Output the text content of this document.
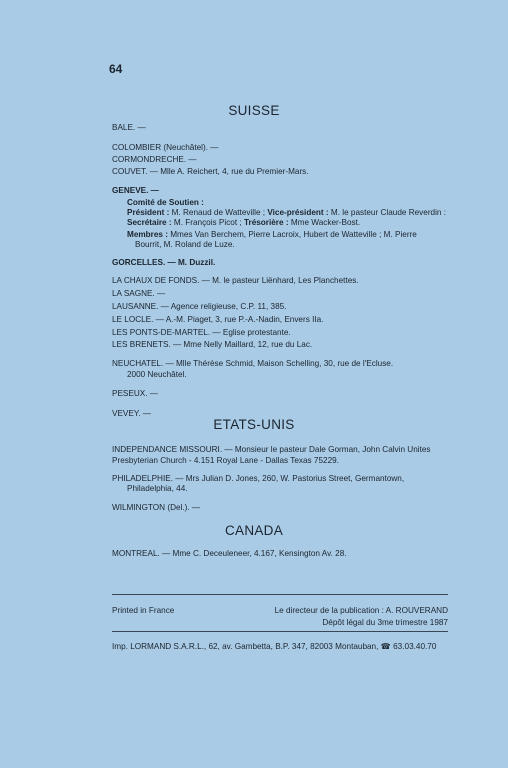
64
SUISSE
BALE. —
COLOMBIER (Neuchâtel). —
CORMONDRECHE. —
COUVET. — Mlle A. Reichert, 4, rue du Premier-Mars.
GENEVE. —
Comité de Soutien :
Président : M. Renaud de Watteville ; Vice-président : M. le pasteur Claude Reverdin :
Secrétaire : M. François Picot ; Trésorière : Mme Wacker-Bost.
Membres : Mmes Van Berchem, Pierre Lacroix, Hubert de Watteville ; M. Pierre
Bourrit, M. Roland de Luze.
GORCELLES. — M. Duzzil.
LA CHAUX DE FONDS. — M. le pasteur Liënhard, Les Planchettes.
LA SAGNE. —
LAUSANNE. — Agence religieuse, C.P. 11, 385.
LE LOCLE. — A.-M. Piaget, 3, rue P.-A.-Nadin, Envers IIa.
LES PONTS-DE-MARTEL. — Eglise protestante.
LES BRENETS. — Mme Nelly Maillard, 12, rue du Lac.
NEUCHATEL. — Mlle Thérèse Schmid, Maison Schelling, 30, rue de l'Ecluse.
2000 Neuchâtel.
PESEUX. —
VEVEY. —
ETATS-UNIS
INDEPENDANCE MISSOURI. — Monsieur le pasteur Dale Gorman, John Calvin Unites
Presbyterian Church - 4.151 Royal Lane - Dallas Texas 75229.
PHILADELPHIE. — Mrs Julian D. Jones, 260, W. Pastorius Street, Germantown,
Philadelphia, 44.
WILMINGTON (Del.). —
CANADA
MONTREAL. — Mme C. Deceuleneer, 4.167, Kensington Av. 28.
Printed in France	Le directeur de la publication : A. ROUVERAND
Dépôt légal du 3me trimestre 1987
Imp. LORMAND S.A.R.L., 62, av. Gambetta, B.P. 347, 82003 Montauban, ☎ 63.03.40.70
